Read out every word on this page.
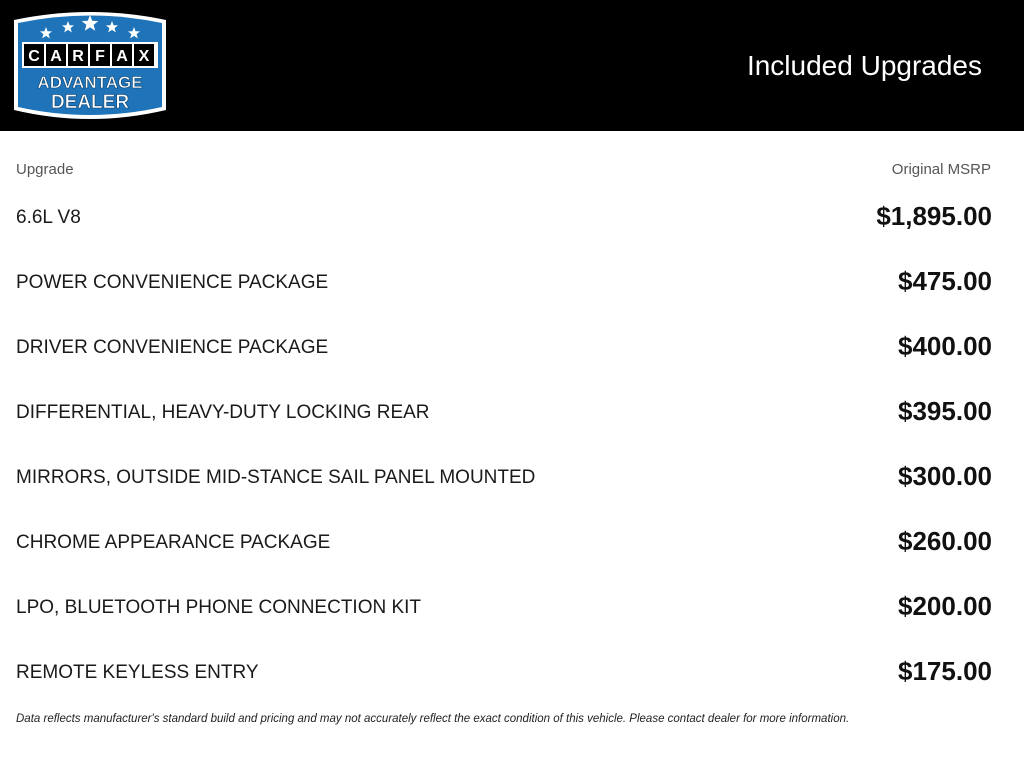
C A R F A X
ADVANTAGE
DEALER
Included Upgrades
Upgrade	Original MSRP
6.6L V8	$1,895.00
POWER CONVENIENCE PACKAGE	$475.00
DRIVER CONVENIENCE PACKAGE	$400.00
DIFFERENTIAL, HEAVY-DUTY LOCKING REAR	$395.00
MIRRORS, OUTSIDE MID-STANCE SAIL PANEL MOUNTED	$300.00
CHROME APPEARANCE PACKAGE	$260.00
LPO, BLUETOOTH PHONE CONNECTION KIT	$200.00
REMOTE KEYLESS ENTRY	$175.00
Data reflects manufacturer's standard build and pricing and may not accurately reflect the exact condition of this vehicle. Please contact dealer for more information.
